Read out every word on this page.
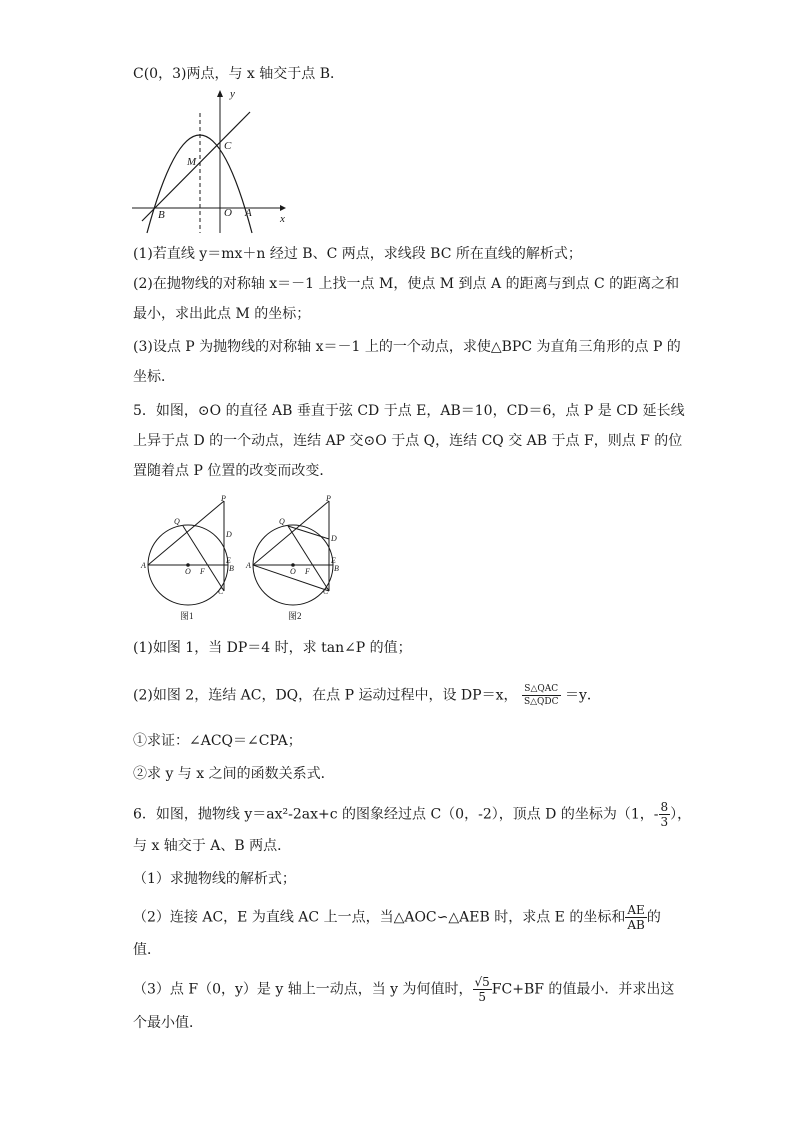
C(0，3)两点，与 x 轴交于点 B．
y
x
M
C
B	O A
(1)若直线 y＝mx＋n 经过 B、C 两点，求线段 BC 所在直线的解析式；
(2)在抛物线的对称轴 x＝－1 上找一点 M，使点 M 到点 A 的距离与到点 C 的距离之和
最小，求出此点 M 的坐标；
(3)设点 P 为抛物线的对称轴 x＝－1 上的一个动点，求使△BPC 为直角三角形的点 P 的
坐标．
5．如图，⊙O 的直径 AB 垂直于弦 CD 于点 E，AB＝10，CD＝6，点 P 是 CD 延长线
上异于点 D 的一个动点，连结 AP 交⊙O 于点 Q，连结 CQ 交 AB 于点 F，则点 F 的位
置随着点 P 位置的改变而改变．
P
Q
D
E
B
A
O F
C
图1
P
Q
D
E
B
A
O F
C
图2
(1)如图 1，当 DP＝4 时，求 tan∠P 的值；
(2)如图 2，连结 AC，DQ，在点 P 运动过程中，设 DP＝x， $\frac{\text{S△QAC}}{\text{S△QDC}} =y$．
①求证：∠ACQ＝∠CPA；
②求 y 与 x 之间的函数关系式．
6．如图，抛物线 y＝ax²-2ax+c 的图象经过点 C（0，-2），顶点 D 的坐标为（1，- $\frac{8}{3}$ ），
与 x 轴交于 A、B 两点．
（1）求抛物线的解析式；
（2）连接 AC，E 为直线 AC 上一点，当△AOC∽△AEB 时，求点 E 的坐标和 $\frac{AE}{AB}$ 的
值．
（3）点 F（0，y）是 y 轴上一动点，当 y 为何值时， $\frac{√5}{5} FC+BF$ 的值最小．并求出这
个最小值．
